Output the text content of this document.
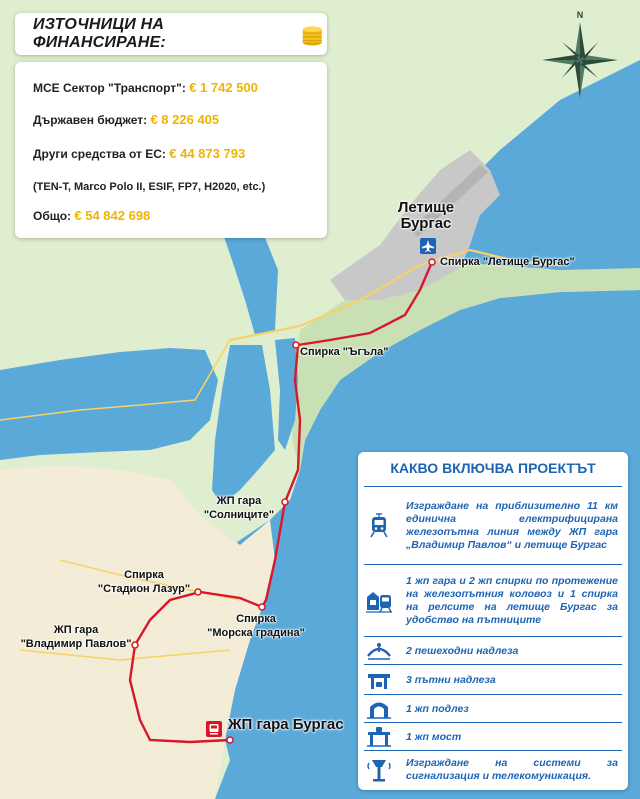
N
Летище
Бургас
Спирка "Летище Бургас"
Спирка "Ъгъла"
ЖП гара
"Солниците"
Спирка
"Стадион Лазур"
Спирка
"Морска градина"
ЖП гара
"Владимир Павлов"
ЖП гара Бургас
ИЗТОЧНИЦИ НА ФИНАНСИРАНЕ:
МСЕ Сектор "Транспорт": € 1 742 500
Държавен бюджет: € 8 226 405
Други средства от ЕС: € 44 873 793
(TEN-T, Marco Polo II, ESIF, FP7, H2020, etc.)
Общо: € 54 842 698
КАКВО ВКЛЮЧВА ПРОЕКТЪТ
Изграждане на приблизително 11 км единична електрифицирана железопътна линия между ЖП гара „Владимир Павлов“ и летище Бургас
1 жп гара и 2 жп спирки по протежение на железопътния коловоз и 1 спирка на релсите на летище Бургас за удобство на пътниците
2 пешеходни надлеза
3 пътни надлеза
1 жп подлез
1 жп мост
Изграждане на системи за сигнализация и телекомуникация.
